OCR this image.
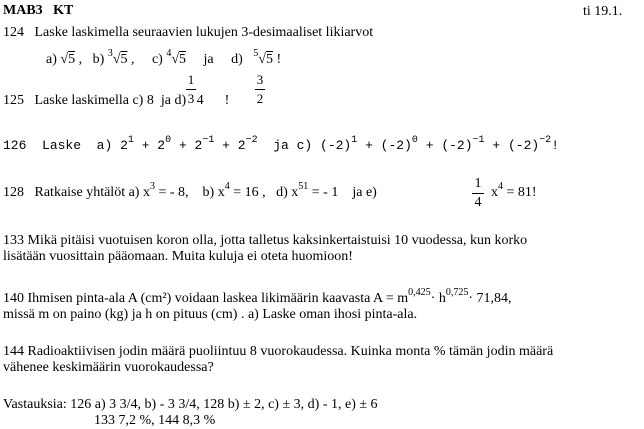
MAB3 KT	ti 19.1.
124 Laske laskimella seuraavien lukujen 3-desimaaliset likiarvot
a) √5 ,   b) $^3$√5 ,     c) $^4$√5 ja d) $^5$√5 !
125 Laske laskimella c) 8 ja d) 4 !
1
3
3
2
126 Laske a) $2^1 + 2^0 + 2^{-1} + 2^{-2}$ ja c) $(-2)^1 + (-2)^0 + (-2)^{-1} + (-2)^{-2}$!
128 Ratkaise yhtälöt a) $x^3$ = - 8, b) $x^4 = 16$ , d) $x^{51}$ = - 1 ja e)
1
4
$x^4 = 81$!
133 Mikä pitäisi vuotuisen koron olla, jotta talletus kaksinkertaistuisi 10 vuodessa, kun korko
lisätään vuosittain pääomaan. Muita kuluja ei oteta huomioon!
140 Ihmisen pinta-ala A (cm²) voidaan laskea likimäärin kaavasta $A = m^{0,425}\cdot h^{0,725}\cdot 71,84$,
missä m on paino (kg) ja h on pituus (cm) . a) Laske oman ihosi pinta-ala.
144 Radioaktiivisen jodin määrä puoliintuu 8 vuorokaudessa. Kuinka monta % tämän jodin määrä
vähenee keskimäärin vuorokaudessa?
Vastauksia: 126 a) 3 3/4, b) - 3 3/4, 128 b) ± 2, c) ± 3, d) - 1, e) ± 6
133 7,2 %, 144 8,3 %
